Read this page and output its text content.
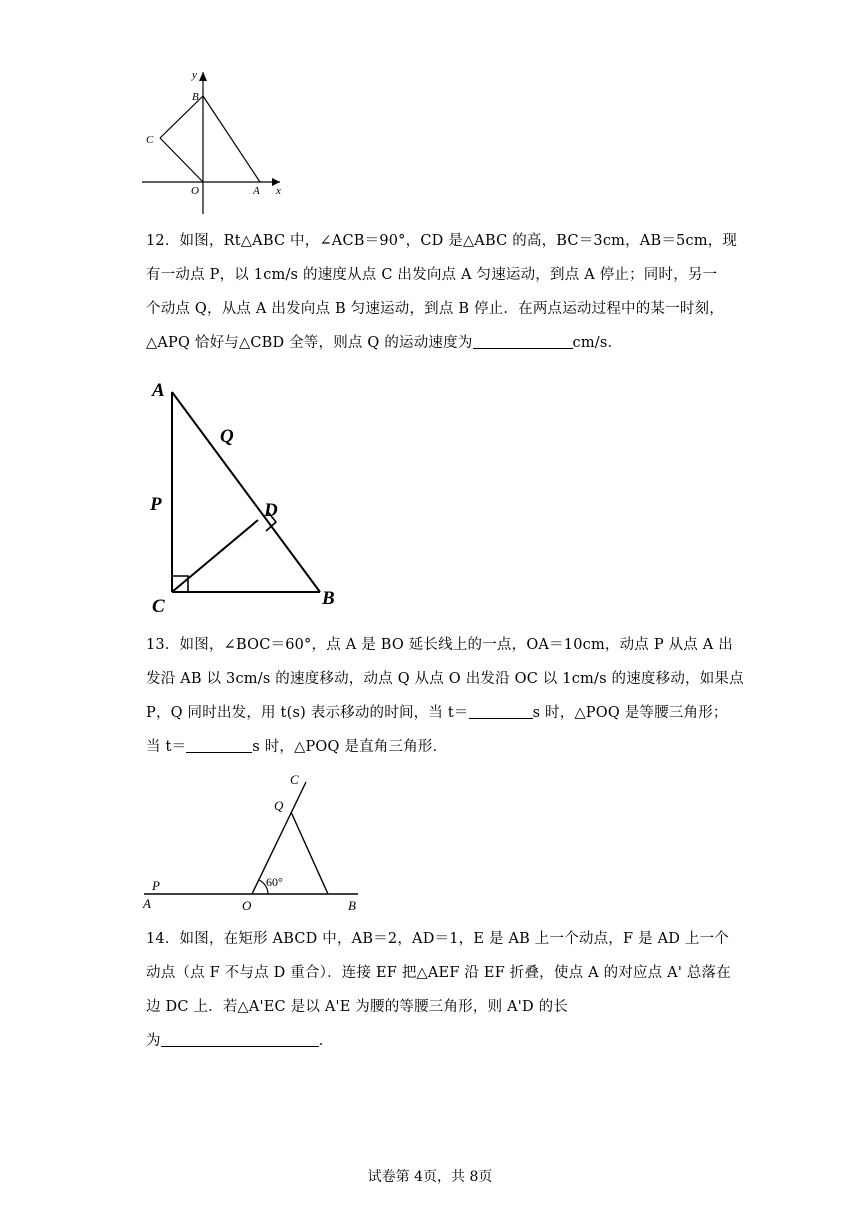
y
B
C
O	A x

12．如图，Rt△ABC 中，∠ACB＝90°，CD 是△ABC 的高，BC＝3cm，AB＝5cm，现

有一动点 P，以 1cm/s 的速度从点 C 出发向点 A 匀速运动，到点 A 停止；同时，另一

个动点 Q，从点 A 出发向点 B 匀速运动，到点 B 停止．在两点运动过程中的某一时刻，

△APQ 恰好与△CBD 全等，则点 Q 的运动速度为	cm/s．

A
Q
P	D
C	B

13．如图，∠BOC＝60°，点 A 是 BO 延长线上的一点，OA＝10cm，动点 P 从点 A 出

发沿 AB 以 3cm/s 的速度移动，动点 Q 从点 O 出发沿 OC 以 1cm/s 的速度移动，如果点

P，Q 同时出发，用 t(s) 表示移动的时间，当 t＝	s 时，△POQ 是等腰三角形；

当 t＝	s 时，△POQ 是直角三角形．

C
Q
60°
P
A	O	B

14．如图，在矩形 ABCD 中，AB＝2，AD＝1，E 是 AB 上一个动点，F 是 AD 上一个

动点（点 F 不与点 D 重合）．连接 EF 把△AEF 沿 EF 折叠，使点 A 的对应点 A' 总落在

边 DC 上．若△A'EC 是以 A'E 为腰的等腰三角形，则 A'D 的长

为	．

试卷第 4页，共 8页
